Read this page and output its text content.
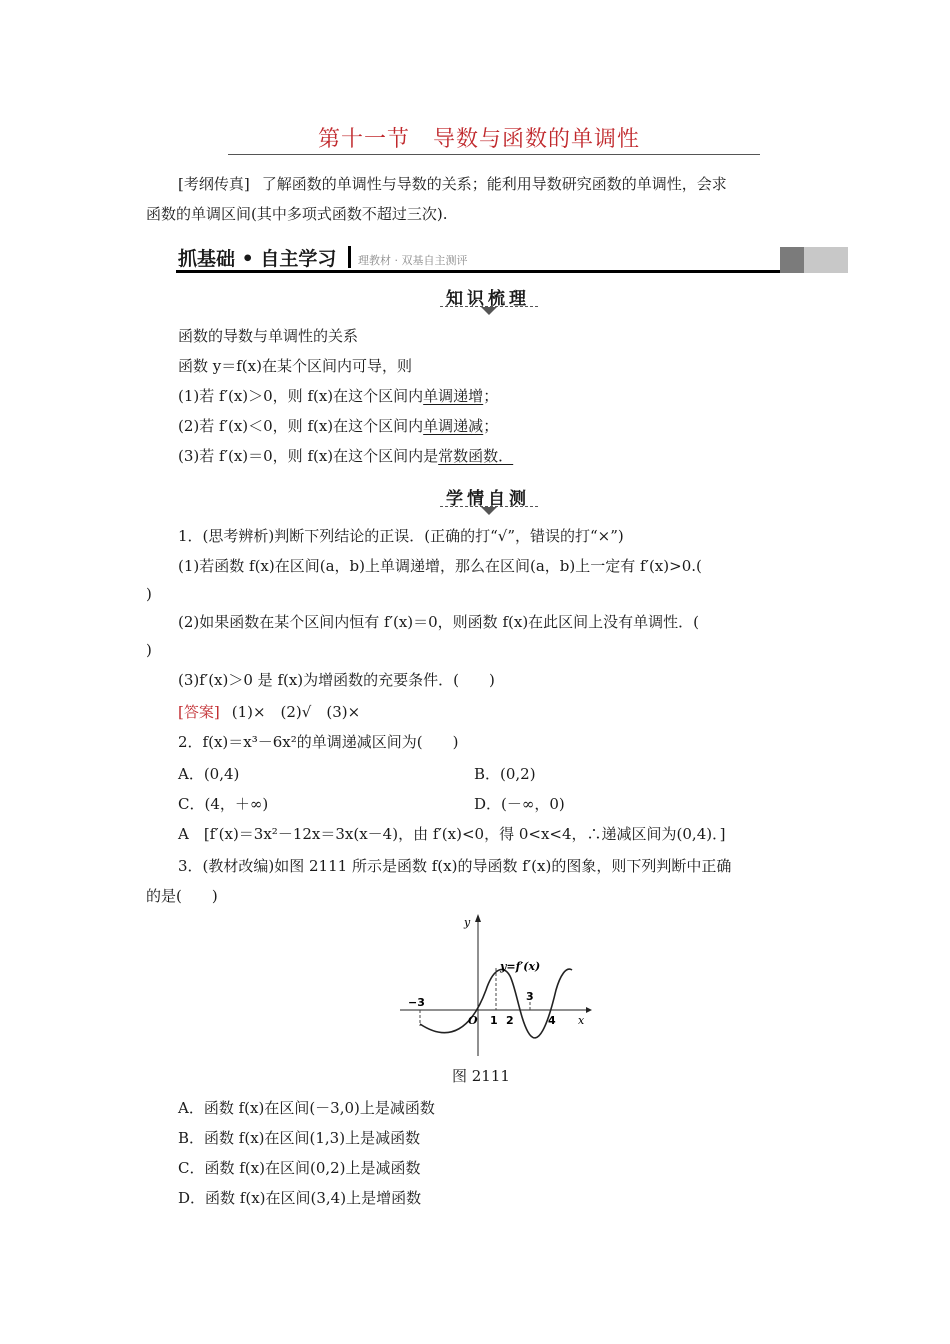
第十一节　导数与函数的单调性
[考纲传真] 了解函数的单调性与导数的关系；能利用导数研究函数的单调性，会求
函数的单调区间(其中多项式函数不超过三次).
抓基础 • 自主学习 理教材 · 双基自主测评
知识梳理
函数的导数与单调性的关系
函数 y＝f(x)在某个区间内可导，则
(1)若 f′(x)＞0，则 f(x)在这个区间内单调递增；
(2)若 f′(x)＜0，则 f(x)在这个区间内单调递减；
(3)若 f′(x)＝0，则 f(x)在这个区间内是常数函数．
学情自测
1．(思考辨析)判断下列结论的正误．(正确的打“√”，错误的打“×”)
(1)若函数 f(x)在区间(a，b)上单调递增，那么在区间(a，b)上一定有 f′(x)>0.(
)
(2)如果函数在某个区间内恒有 f′(x)＝0，则函数 f(x)在此区间上没有单调性．(
)
(3)f′(x)＞0 是 f(x)为增函数的充要条件．(　　)
[答案] (1)×　(2)√　(3)×
2．f(x)＝x³－6x²的单调递减区间为(　　)
A．(0,4)	B．(0,2)
C．(4，＋∞)	D．(－∞，0)
A　[f′(x)＝3x²－12x＝3x(x－4)，由 f′(x)<0，得 0<x<4，∴递减区间为(0,4)．]
3．(教材改编)如图 2111 所示是函数 f(x)的导函数 f′(x)的图象，则下列判断中正确
的是(　　)
y
x
y=f′(x)
O
−3
1 2
3
4
图 2111
A．函数 f(x)在区间(－3,0)上是减函数
B．函数 f(x)在区间(1,3)上是减函数
C．函数 f(x)在区间(0,2)上是减函数
D．函数 f(x)在区间(3,4)上是增函数
